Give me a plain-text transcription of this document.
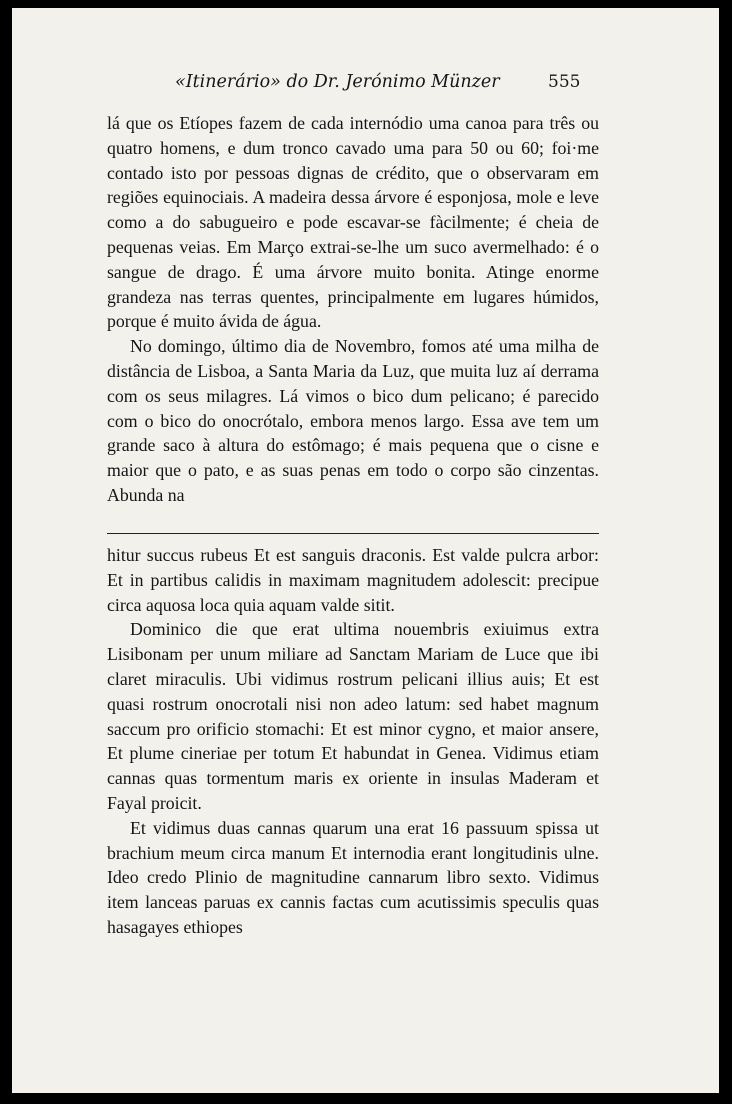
«Itinerário» do Dr. Jerónimo Münzer	555

lá que os Etíopes fazem de cada internódio uma canoa para três ou quatro homens, e dum tronco cavado uma para 50 ou 60; foi·me contado isto por pessoas dignas de crédito, que o observaram em regiões equinociais. A madeira dessa árvore é esponjosa, mole e leve como a do sabugueiro e pode escavar-se fàcilmente; é cheia de pequenas veias. Em Março extrai-se-lhe um suco avermelhado: é o sangue de drago. É uma árvore muito bonita. Atinge enorme grandeza nas terras quentes, principalmente em lugares húmidos, porque é muito ávida de água.

No domingo, último dia de Novembro, fomos até uma milha de distância de Lisboa, a Santa Maria da Luz, que muita luz aí derrama com os seus milagres. Lá vimos o bico dum pelicano; é parecido com o bico do onocrótalo, embora menos largo. Essa ave tem um grande saco à altura do estômago; é mais pequena que o cisne e maior que o pato, e as suas penas em todo o corpo são cinzentas. Abunda na

hitur succus rubeus Et est sanguis draconis. Est valde pulcra arbor: Et in partibus calidis in maximam magnitudem adolescit: precipue circa aquosa loca quia aquam valde sitit.

Dominico die que erat ultima nouembris exiuimus extra Lisibonam per unum miliare ad Sanctam Mariam de Luce que ibi claret miraculis. Ubi vidimus rostrum pelicani illius auis; Et est quasi rostrum onocrotali nisi non adeo latum: sed habet magnum saccum pro orificio stomachi: Et est minor cygno, et maior ansere, Et plume cineriae per totum Et habundat in Genea. Vidimus etiam cannas quas tormentum maris ex oriente in insulas Maderam et Fayal proicit.

Et vidimus duas cannas quarum una erat 16 passuum spissa ut brachium meum circa manum Et internodia erant longitudinis ulne. Ideo credo Plinio de magnitudine cannarum libro sexto. Vidimus item lanceas paruas ex cannis factas cum acutissimis speculis quas hasagayes ethiopes
